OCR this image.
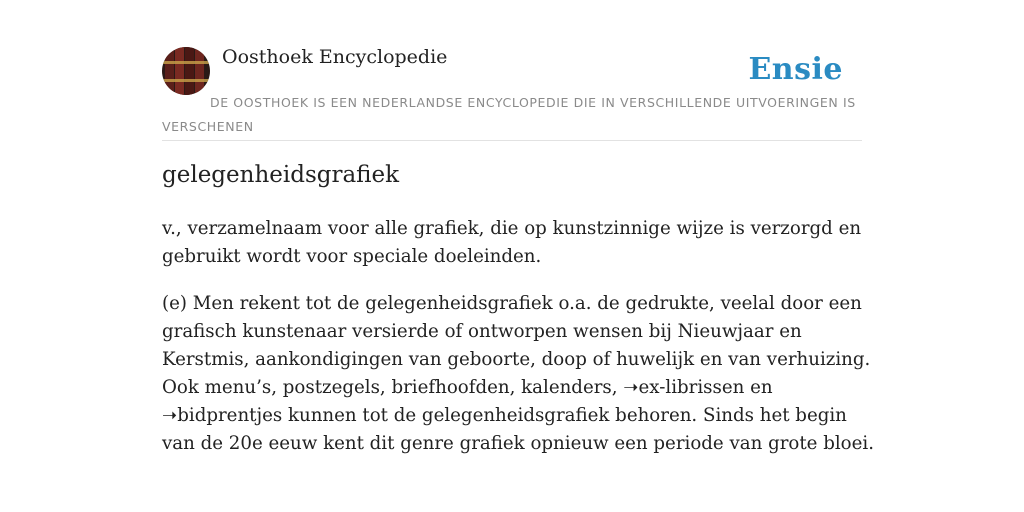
Oosthoek Encyclopedie	Ensie
DE OOSTHOEK IS EEN NEDERLANDSE ENCYCLOPEDIE DIE IN VERSCHILLENDE UITVOERINGEN IS VERSCHENEN
gelegenheidsgrafiek

v., verzamelnaam voor alle grafiek, die op kunstzinnige wijze is verzorgd en gebruikt wordt voor speciale doeleinden.

(e) Men rekent tot de gelegenheidsgrafiek o.a. de gedrukte, veelal door een grafisch kunstenaar versierde of ontworpen wensen bij Nieuwjaar en Kerstmis, aankondigingen van geboorte, doop of huwelijk en van verhuizing. Ook menu’s, postzegels, briefhoofden, kalenders, ➝ex-librissen en ➝bidprentjes kunnen tot de gelegenheidsgrafiek behoren. Sinds het begin van de 20e eeuw kent dit genre grafiek opnieuw een periode van grote bloei.
